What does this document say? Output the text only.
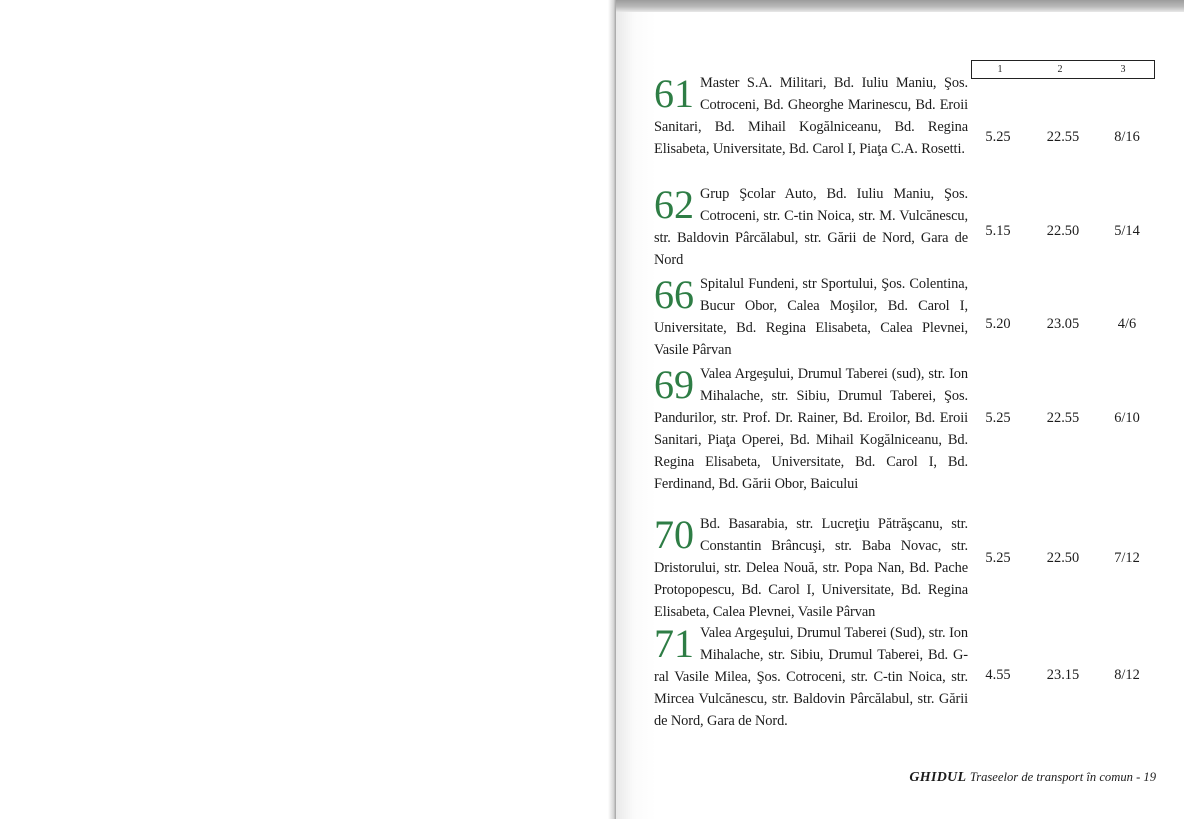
1	2	3
61 Master S.A. Militari, Bd. Iuliu Maniu, Şos. Cotroceni, Bd. Gheorghe Marinescu, Bd. Eroii Sanitari, Bd. Mihail Kogălniceanu, Bd. Regina Elisabeta, Universitate, Bd. Carol I, Piaţa C.A. Rosetti.
5.25	22.55	8/16
62 Grup Şcolar Auto, Bd. Iuliu Maniu, Şos. Cotroceni, str. C-tin Noica, str. M. Vulcănescu, str. Baldovin Pârcălabul, str. Gării de Nord, Gara de Nord
5.15	22.50	5/14
66 Spitalul Fundeni, str Sportului, Şos. Colentina, Bucur Obor, Calea Moşilor, Bd. Carol I, Universitate, Bd. Regina Elisabeta, Calea Plevnei, Vasile Pârvan
5.20	23.05	4/6
69 Valea Argeşului, Drumul Taberei (sud), str. Ion Mihalache, str. Sibiu, Drumul Taberei, Şos. Pandurilor, str. Prof. Dr. Rainer, Bd. Eroilor, Bd. Eroii Sanitari, Piaţa Operei, Bd. Mihail Kogălniceanu, Bd. Regina Elisabeta, Universitate, Bd. Carol I, Bd. Ferdinand, Bd. Gării Obor, Baicului
5.25	22.55	6/10
70 Bd. Basarabia, str. Lucreţiu Pătrăşcanu, str. Constantin Brâncuşi, str. Baba Novac, str. Dristorului, str. Delea Nouă, str. Popa Nan, Bd. Pache Protopopescu, Bd. Carol I, Universitate, Bd. Regina Elisabeta, Calea Plevnei, Vasile Pârvan
5.25	22.50	7/12
71 Valea Argeşului, Drumul Taberei (Sud), str. Ion Mihalache, str. Sibiu, Drumul Taberei, Bd. G-ral Vasile Milea, Şos. Cotroceni, str. C-tin Noica, str. Mircea Vulcănescu, str. Baldovin Pârcălabul, str. Gării de Nord, Gara de Nord.
4.55	23.15	8/12
GHIDUL Traseelor de transport în comun - 19
